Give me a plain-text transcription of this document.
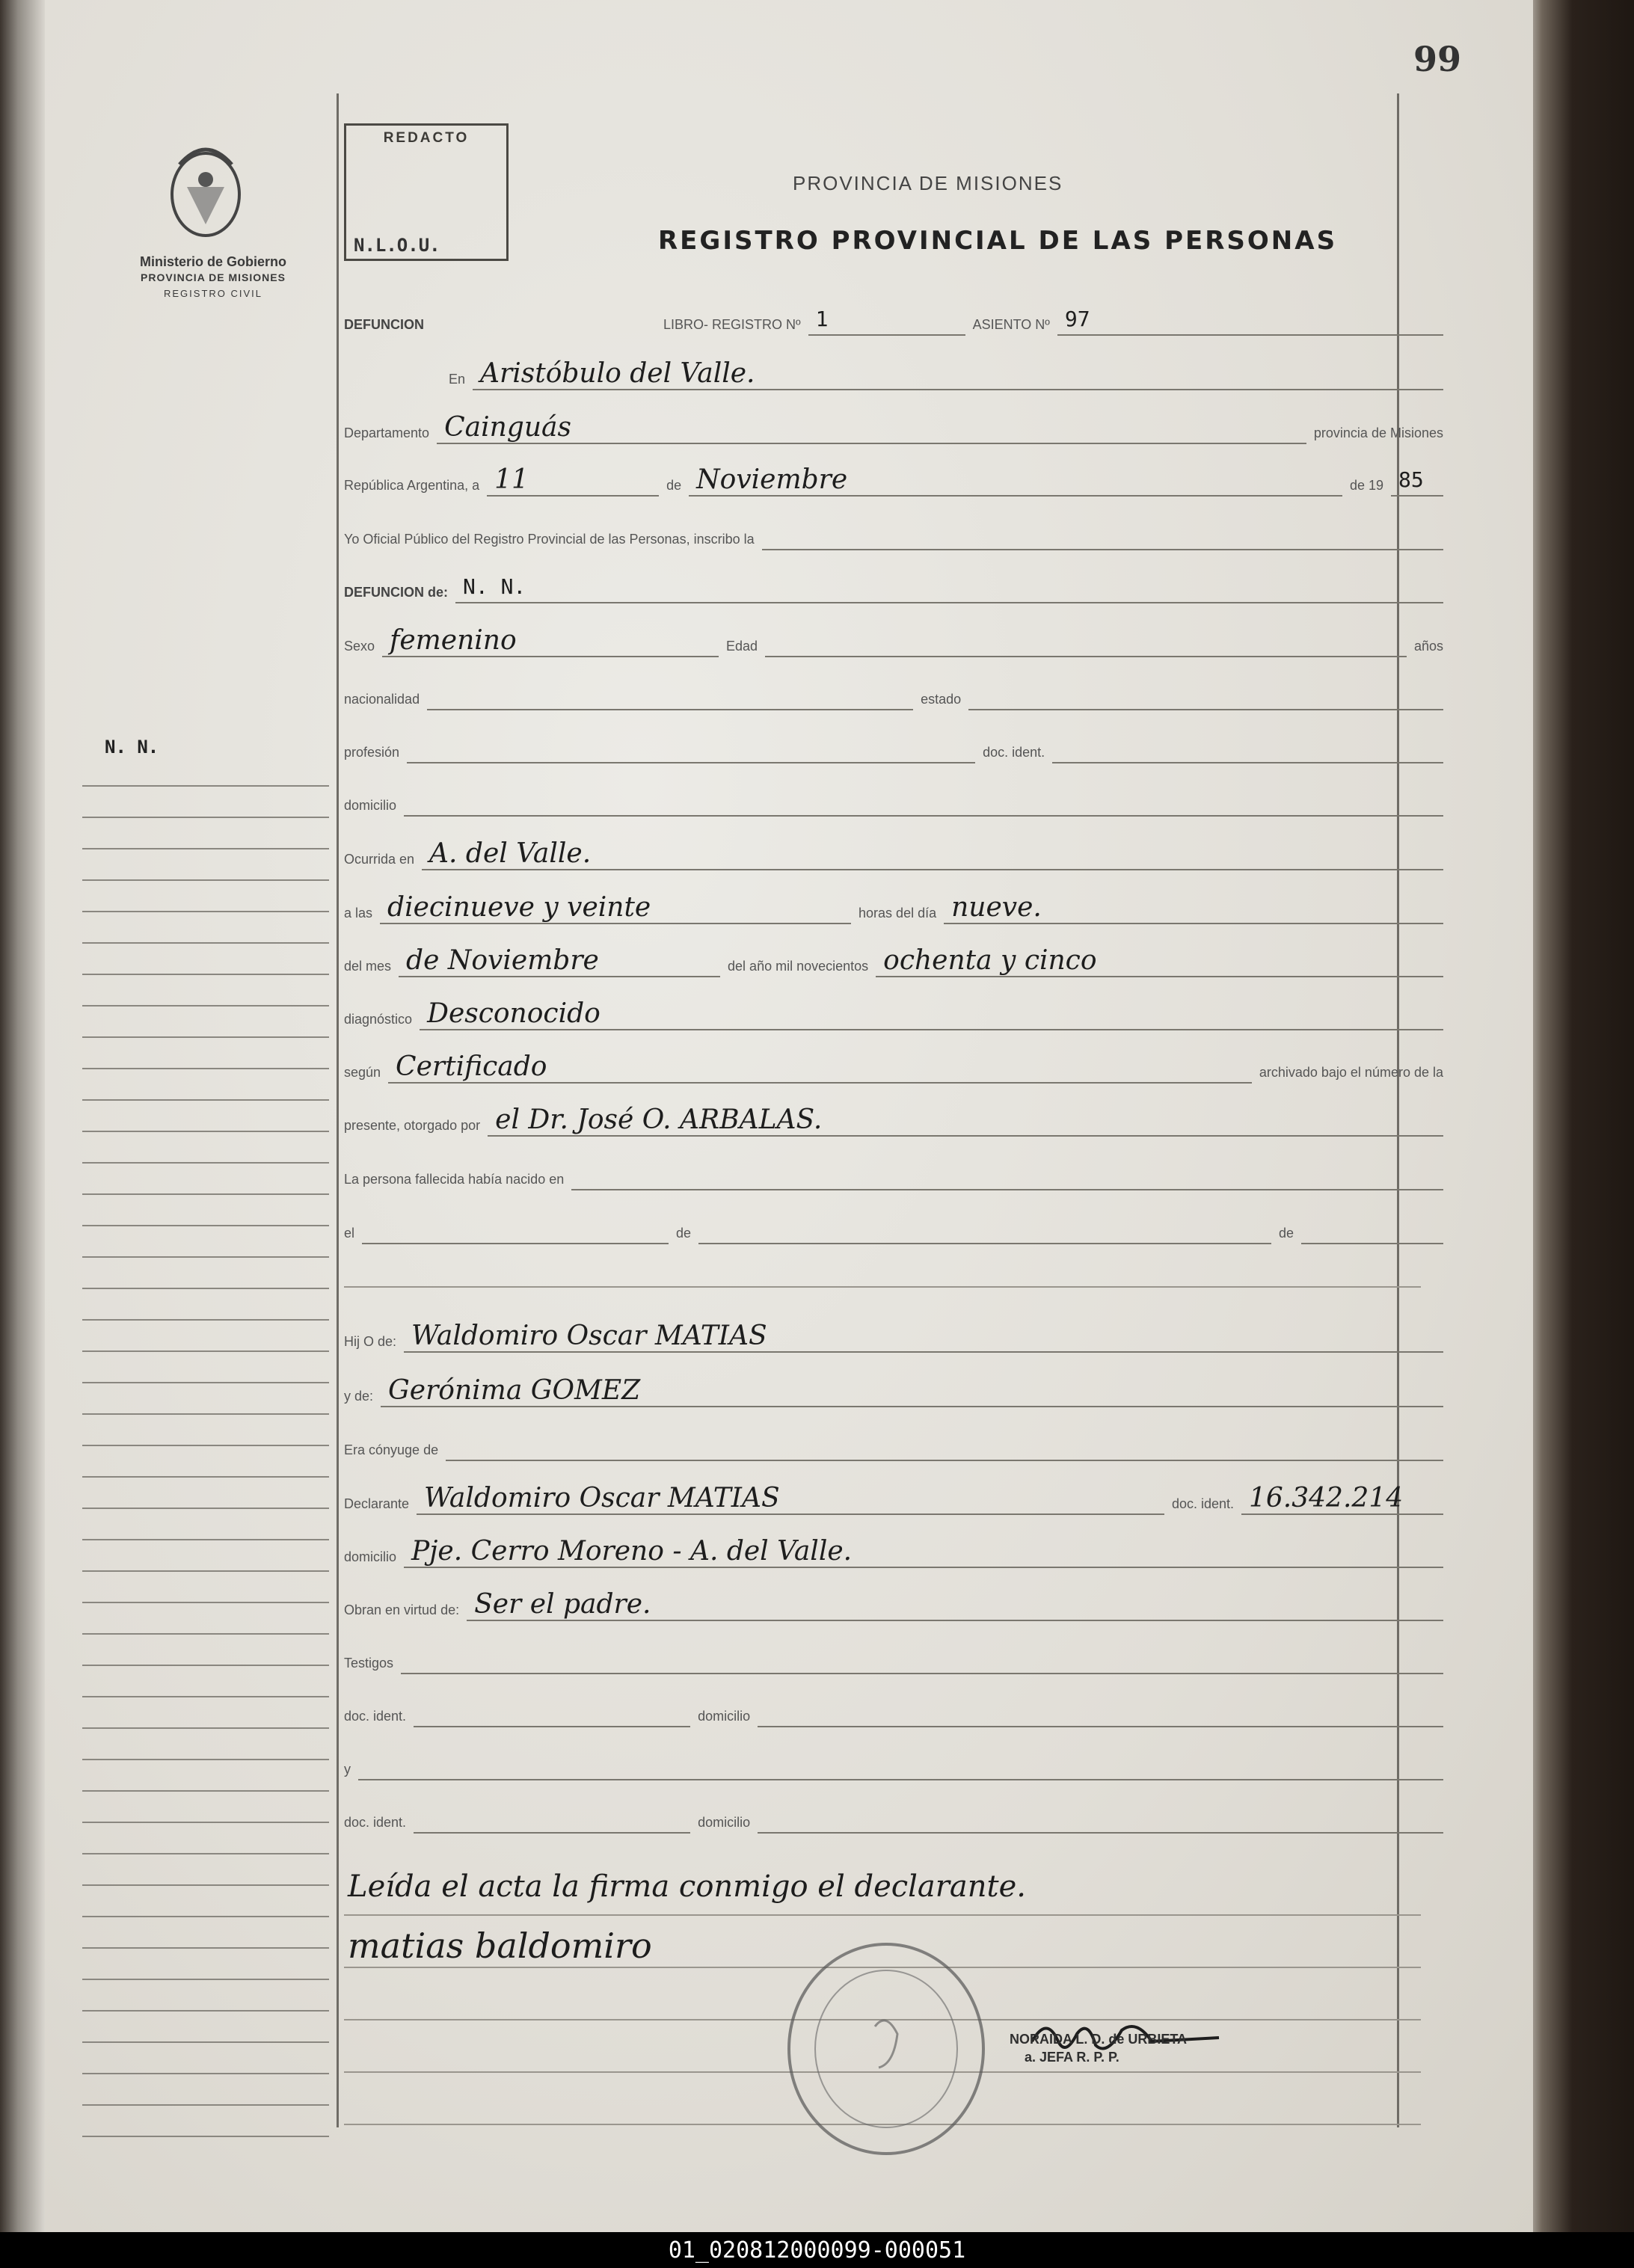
99
Ministerio de Gobierno
PROVINCIA DE MISIONES
REGISTRO CIVIL
N. N.
REDACTO
N.L.O.U.
PROVINCIA DE MISIONES
REGISTRO PROVINCIAL DE LAS PERSONAS
DEFUNCION	LIBRO- REGISTRO Nº 1	ASIENTO Nº 97
En Aristóbulo del Valle.
Departamento Cainguás	provincia de Misiones
República Argentina, a 11	de Noviembre	de 19 85
Yo Oficial Público del Registro Provincial de las Personas, inscribo la
DEFUNCION de: N. N.
Sexo femenino	Edad	años
nacionalidad	estado
profesión	doc. ident.
domicilio
Ocurrida en A. del Valle.
a las diecinueve y veinte	horas del día nueve.
del mes de Noviembre	del año mil novecientos ochenta y cinco
diagnóstico Desconocido
según Certificado	archivado bajo el número de la
presente, otorgado por el Dr. José O. ARBALAS.
La persona fallecida había nacido en
el	de	de
Hij O de: Waldomiro Oscar MATIAS
y de: Gerónima GOMEZ
Era cónyuge de
Declarante Waldomiro Oscar MATIAS	doc. ident. 16.342.214
domicilio Pje. Cerro Moreno - A. del Valle.
Obran en virtud de: Ser el padre.
Testigos
doc. ident.	domicilio
y
doc. ident.	domicilio
Leída el acta la firma conmigo el declarante.
matias baldomiro
NORAIDA L. D. de URBIETA
a. JEFA R. P. P.
01_020812000099-000051
